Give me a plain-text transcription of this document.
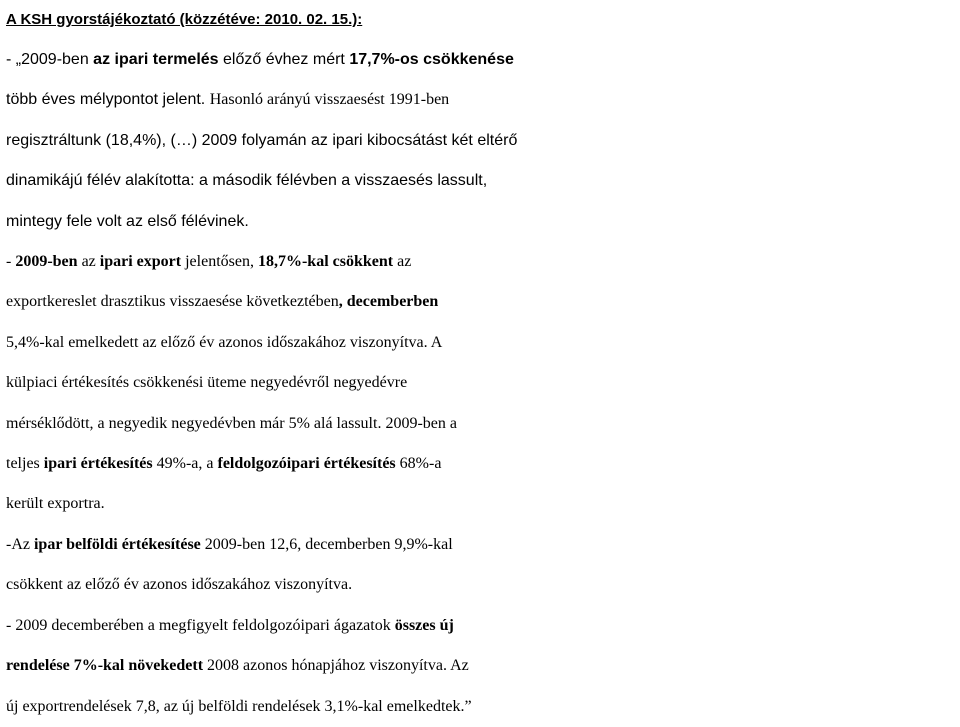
A KSH gyorstájékoztató (közzétéve: 2010. 02. 15.):
- „2009-ben az ipari termelés előző évhez mért 17,7%-os csökkenése
több éves mélypontot jelent. Hasonló arányú visszaesést 1991-ben
regisztráltunk (18,4%), (…) 2009 folyamán az ipari kibocsátást két eltérő
dinamikájú félév alakította: a második félévben a visszaesés lassult,
mintegy fele volt az első félévinek.
- 2009-ben az ipari export jelentősen, 18,7%-kal csökkent az
exportkereslet drasztikus visszaesése következtében, decemberben
5,4%-kal emelkedett az előző év azonos időszakához viszonyítva. A
külpiaci értékesítés csökkenési üteme negyedévről negyedévre
mérséklődött, a negyedik negyedévben már 5% alá lassult. 2009-ben a
teljes ipari értékesítés 49%-a, a feldolgozóipari értékesítés 68%-a
került exportra.
-Az ipar belföldi értékesítése 2009-ben 12,6, decemberben 9,9%-kal
csökkent az előző év azonos időszakához viszonyítva.
- 2009 decemberében a megfigyelt feldolgozóipari ágazatok összes új
rendelése 7%-kal növekedett 2008 azonos hónapjához viszonyítva. Az
új exportrendelések 7,8, az új belföldi rendelések 3,1%-kal emelkedtek.”
